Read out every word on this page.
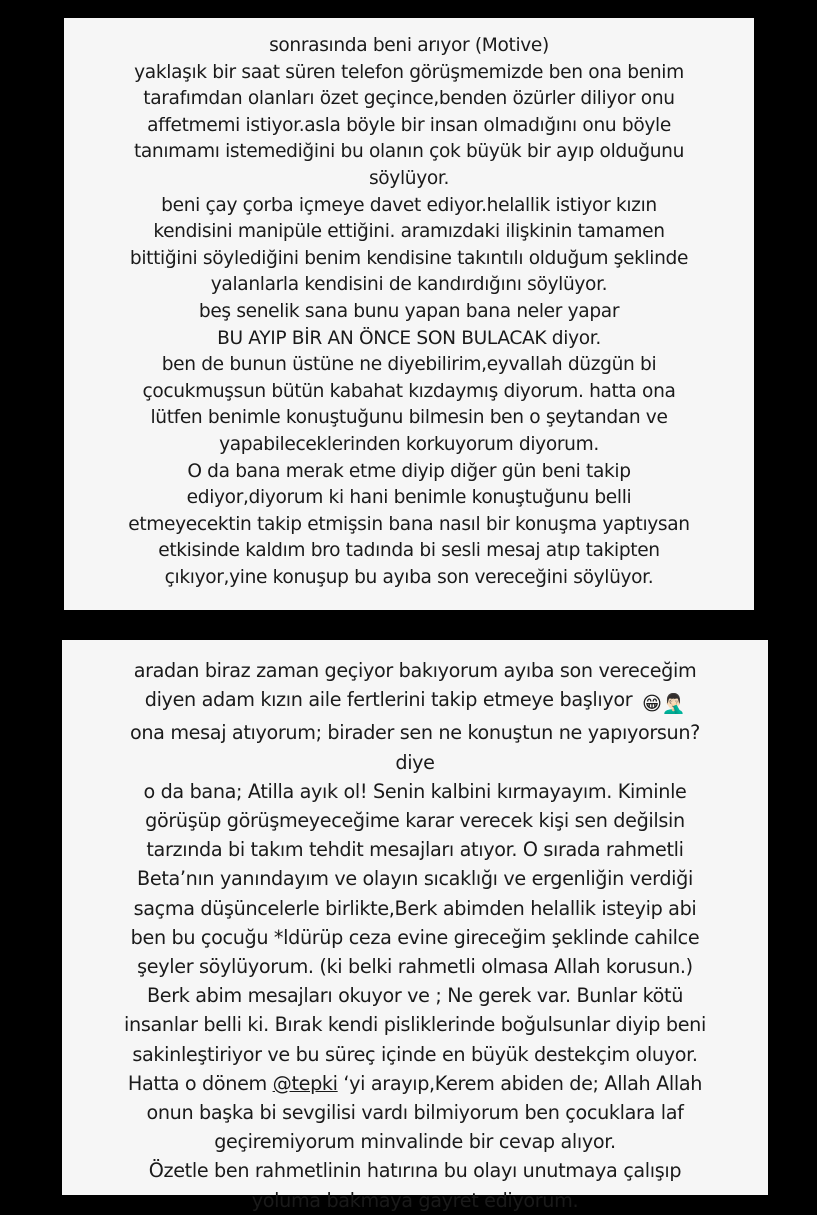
sonrasında beni arıyor (Motive)
yaklaşık bir saat süren telefon görüşmemizde ben ona benim
tarafımdan olanları özet geçince,benden özürler diliyor onu
affetmemi istiyor.asla böyle bir insan olmadığını onu böyle
tanımamı istemediğini bu olanın çok büyük bir ayıp olduğunu
söylüyor.
beni çay çorba içmeye davet ediyor.helallik istiyor kızın
kendisini manipüle ettiğini. aramızdaki ilişkinin tamamen
bittiğini söylediğini benim kendisine takıntılı olduğum şeklinde
yalanlarla kendisini de kandırdığını söylüyor.
beş senelik sana bunu yapan bana neler yapar
BU AYIP BİR AN ÖNCE SON BULACAK diyor.
ben de bunun üstüne ne diyebilirim,eyvallah düzgün bi
çocukmuşsun bütün kabahat kızdaymış diyorum. hatta ona
lütfen benimle konuştuğunu bilmesin ben o şeytandan ve
yapabileceklerinden korkuyorum diyorum.
O da bana merak etme diyip diğer gün beni takip
ediyor,diyorum ki hani benimle konuştuğunu belli
etmeyecektin takip etmişsin bana nasıl bir konuşma yaptıysan
etkisinde kaldım bro tadında bi sesli mesaj atıp takipten
çıkıyor,yine konuşup bu ayıba son vereceğini söylüyor.
aradan biraz zaman geçiyor bakıyorum ayıba son vereceğim
diyen adam kızın aile fertlerini takip etmeye başlıyor 😁🤦🏻‍♂️
ona mesaj atıyorum; birader sen ne konuştun ne yapıyorsun?
diye
o da bana; Atilla ayık ol! Senin kalbini kırmayayım. Kiminle
görüşüp görüşmeyeceğime karar verecek kişi sen değilsin
tarzında bi takım tehdit mesajları atıyor. O sırada rahmetli
Beta’nın yanındayım ve olayın sıcaklığı ve ergenliğin verdiği
saçma düşüncelerle birlikte,Berk abimden helallik isteyip abi
ben bu çocuğu *ldürüp ceza evine gireceğim şeklinde cahilce
şeyler söylüyorum. (ki belki rahmetli olmasa Allah korusun.)
Berk abim mesajları okuyor ve ; Ne gerek var. Bunlar kötü
insanlar belli ki. Bırak kendi pisliklerinde boğulsunlar diyip beni
sakinleştiriyor ve bu süreç içinde en büyük destekçim oluyor.
Hatta o dönem @tepki ‘yi arayıp,Kerem abiden de; Allah Allah
onun başka bi sevgilisi vardı bilmiyorum ben çocuklara laf
geçiremiyorum minvalinde bir cevap alıyor.
Özetle ben rahmetlinin hatırına bu olayı unutmaya çalışıp
yoluma bakmaya gayret ediyorum.
